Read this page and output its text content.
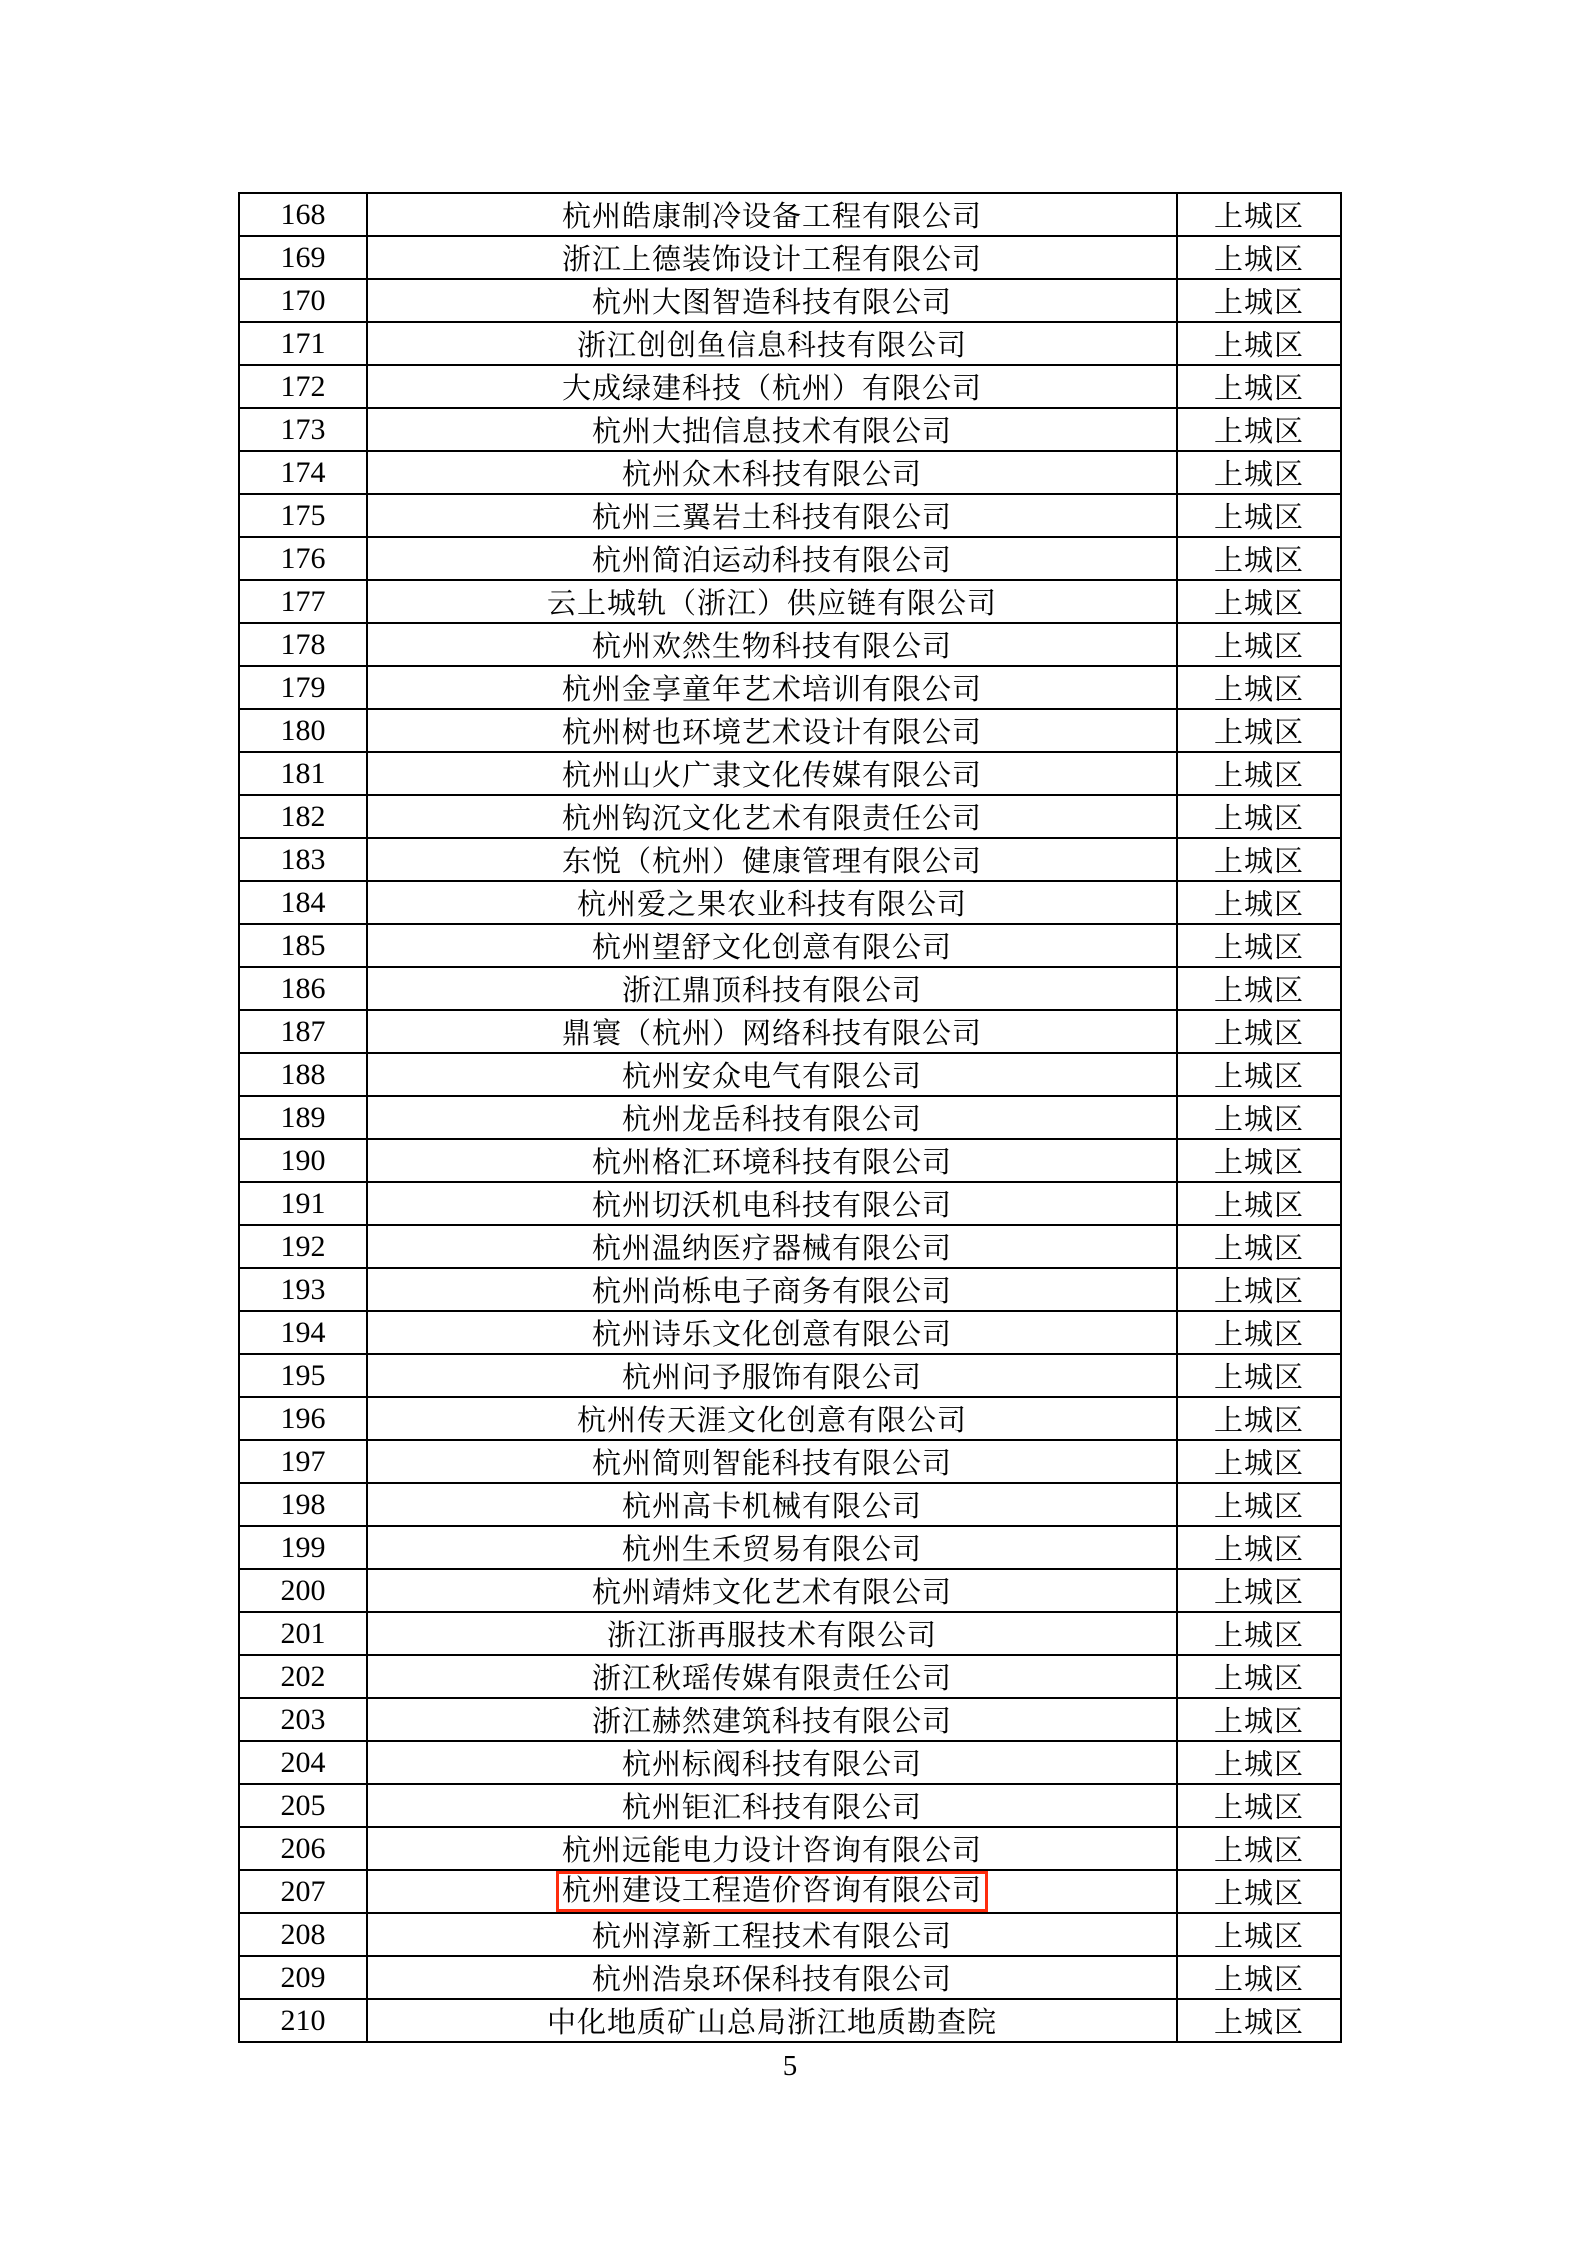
168	杭州皓康制冷设备工程有限公司	上城区
169	浙江上德装饰设计工程有限公司	上城区
170	杭州大图智造科技有限公司	上城区
171	浙江创创鱼信息科技有限公司	上城区
172	大成绿建科技（杭州）有限公司	上城区
173	杭州大拙信息技术有限公司	上城区
174	杭州众木科技有限公司	上城区
175	杭州三翼岩土科技有限公司	上城区
176	杭州简泊运动科技有限公司	上城区
177	云上城轨（浙江）供应链有限公司	上城区
178	杭州欢然生物科技有限公司	上城区
179	杭州金享童年艺术培训有限公司	上城区
180	杭州树也环境艺术设计有限公司	上城区
181	杭州山火广隶文化传媒有限公司	上城区
182	杭州钩沉文化艺术有限责任公司	上城区
183	东悦（杭州）健康管理有限公司	上城区
184	杭州爱之果农业科技有限公司	上城区
185	杭州望舒文化创意有限公司	上城区
186	浙江鼎顶科技有限公司	上城区
187	鼎寰（杭州）网络科技有限公司	上城区
188	杭州安众电气有限公司	上城区
189	杭州龙岳科技有限公司	上城区
190	杭州格汇环境科技有限公司	上城区
191	杭州切沃机电科技有限公司	上城区
192	杭州温纳医疗器械有限公司	上城区
193	杭州尚栎电子商务有限公司	上城区
194	杭州诗乐文化创意有限公司	上城区
195	杭州问予服饰有限公司	上城区
196	杭州传天涯文化创意有限公司	上城区
197	杭州简则智能科技有限公司	上城区
198	杭州高卡机械有限公司	上城区
199	杭州生禾贸易有限公司	上城区
200	杭州靖炜文化艺术有限公司	上城区
201	浙江浙再服技术有限公司	上城区
202	浙江秋瑶传媒有限责任公司	上城区
203	浙江赫然建筑科技有限公司	上城区
204	杭州标阀科技有限公司	上城区
205	杭州钜汇科技有限公司	上城区
206	杭州远能电力设计咨询有限公司	上城区
207	杭州建设工程造价咨询有限公司	上城区
208	杭州淳新工程技术有限公司	上城区
209	杭州浩泉环保科技有限公司	上城区
210	中化地质矿山总局浙江地质勘查院	上城区
5
